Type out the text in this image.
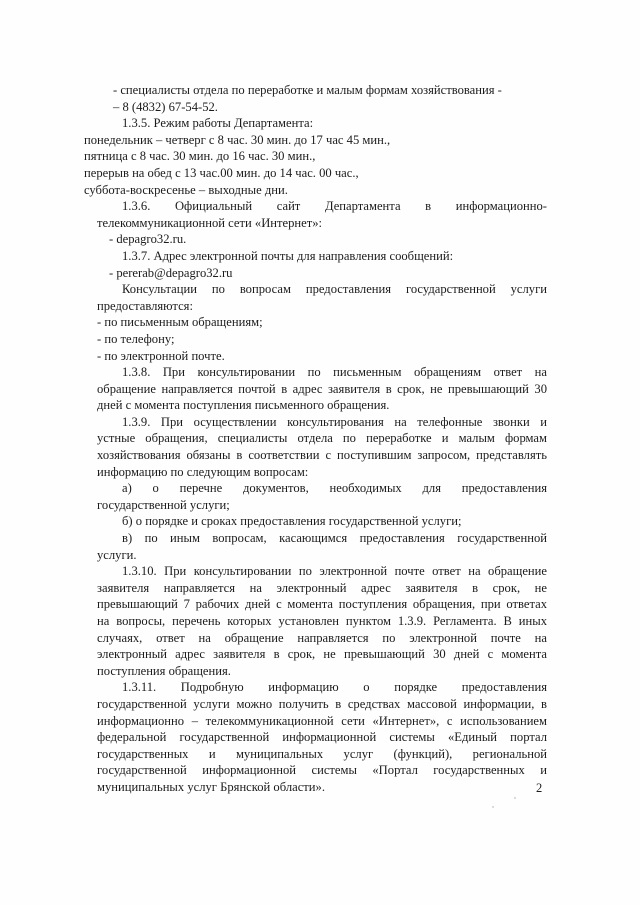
- специалисты отдела по переработке и малым формам хозяйствования -
– 8 (4832) 67-54-52.
1.3.5. Режим работы Департамента:
понедельник – четверг с 8 час. 30 мин. до 17 час 45 мин.,
пятница с 8 час. 30 мин. до 16 час. 30 мин.,
перерыв на обед с 13 час.00 мин. до 14 час. 00 час.,
суббота-воскресенье – выходные дни.
1.3.6. Официальный сайт Департамента в информационно-
телекоммуникационной сети «Интернет»:
- depagro32.ru.
1.3.7. Адрес электронной почты для направления сообщений:
- pererab@depagro32.ru
Консультации по вопросам предоставления государственной услуги
предоставляются:
- по письменным обращениям;
- по телефону;
- по электронной почте.
1.3.8. При консультировании по письменным обращениям ответ на
обращение направляется почтой в адрес заявителя в срок, не превышающий 30
дней с момента поступления письменного обращения.
1.3.9. При осуществлении консультирования на телефонные звонки и
устные обращения, специалисты отдела по переработке и малым формам
хозяйствования обязаны в соответствии с поступившим запросом, представлять
информацию по следующим вопросам:
а) о перечне документов, необходимых для предоставления
государственной услуги;
б) о порядке и сроках предоставления государственной услуги;
в) по иным вопросам, касающимся предоставления государственной
услуги.
1.3.10. При консультировании по электронной почте ответ на обращение
заявителя направляется на электронный адрес заявителя в срок, не
превышающий 7 рабочих дней с момента поступления обращения, при ответах
на вопросы, перечень которых установлен пунктом 1.3.9. Регламента. В иных
случаях, ответ на обращение направляется по электронной почте на
электронный адрес заявителя в срок, не превышающий 30 дней с момента
поступления обращения.
1.3.11. Подробную информацию о порядке предоставления
государственной услуги можно получить в средствах массовой информации, в
информационно – телекоммуникационной сети «Интернет», с использованием
федеральной государственной информационной системы «Единый портал
государственных и муниципальных услуг (функций), региональной
государственной информационной системы «Портал государственных и
муниципальных услуг Брянской области».	2
